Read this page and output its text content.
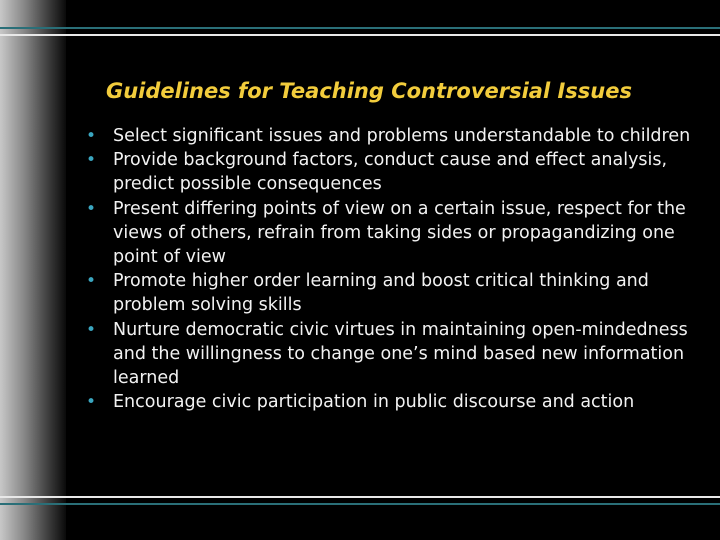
Guidelines for Teaching Controversial Issues
• Select significant issues and problems understandable to children
• Provide background factors, conduct cause and effect analysis, predict possible consequences
• Present differing points of view on a certain issue, respect for the views of others, refrain from taking sides or propagandizing one point of view
• Promote higher order learning and boost critical thinking and problem solving skills
• Nurture democratic civic virtues in maintaining open-mindedness and the willingness to change one’s mind based new information learned
• Encourage civic participation in public discourse and action
